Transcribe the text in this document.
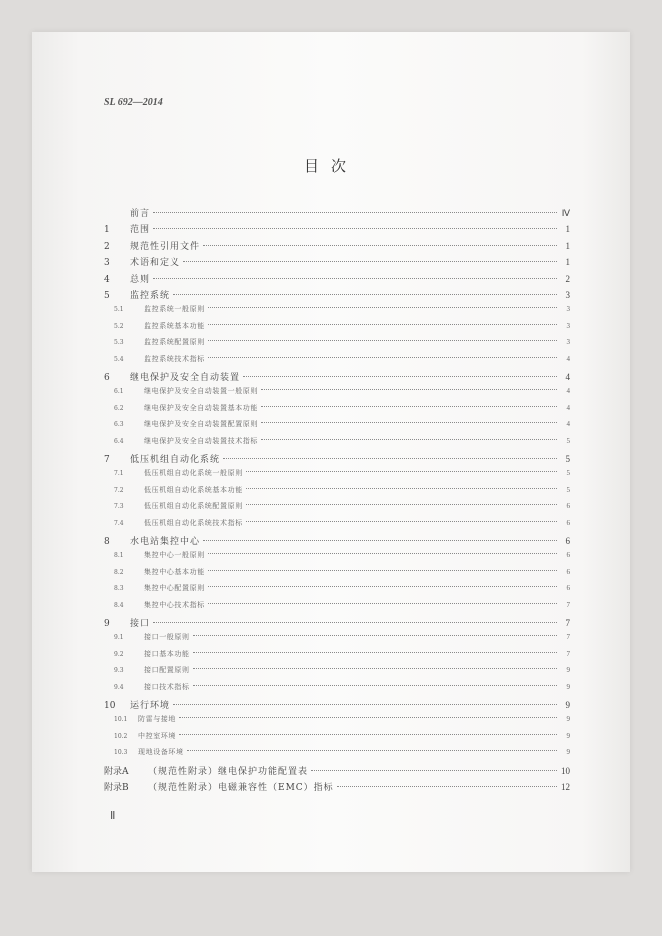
SL 692—2014
目次
前言	Ⅳ
1	范围	1
2	规范性引用文件	1
3	术语和定义	1
4	总则	2
5	监控系统	3
5.1	监控系统一般原则	3
5.2	监控系统基本功能	3
5.3	监控系统配置原则	3
5.4	监控系统技术指标	4
6	继电保护及安全自动装置	4
6.1	继电保护及安全自动装置一般原则	4
6.2	继电保护及安全自动装置基本功能	4
6.3	继电保护及安全自动装置配置原则	4
6.4	继电保护及安全自动装置技术指标	5
7	低压机组自动化系统	5
7.1	低压机组自动化系统一般原则	5
7.2	低压机组自动化系统基本功能	5
7.3	低压机组自动化系统配置原则	6
7.4	低压机组自动化系统技术指标	6
8	水电站集控中心	6
8.1	集控中心一般原则	6
8.2	集控中心基本功能	6
8.3	集控中心配置原则	6
8.4	集控中心技术指标	7
9	接口	7
9.1	接口一般原则	7
9.2	接口基本功能	7
9.3	接口配置原则	9
9.4	接口技术指标	9
10	运行环境	9
10.1	防雷与接地	9
10.2	中控室环境	9
10.3	现地设备环境	9
附录A	（规范性附录）继电保护功能配置表	10
附录B	（规范性附录）电磁兼容性（EMC）指标	12
Ⅱ
